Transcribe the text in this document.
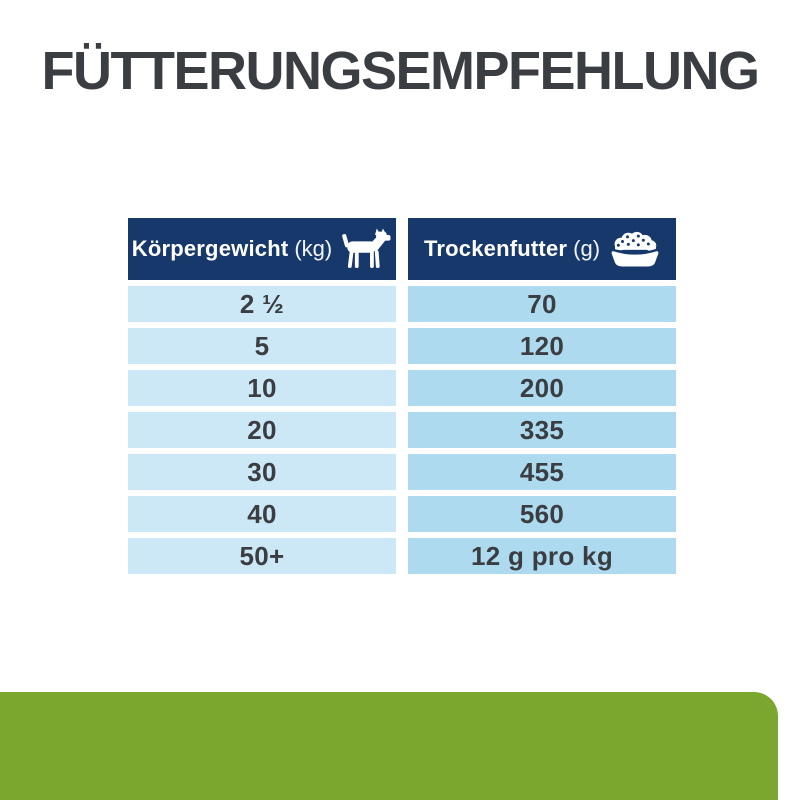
FÜTTERUNGSEMPFEHLUNG
Körpergewicht (kg)	Trockenfutter (g)
2 ½	70
5	120
10	200
20	335
30	455
40	560
50+	12 g pro kg
